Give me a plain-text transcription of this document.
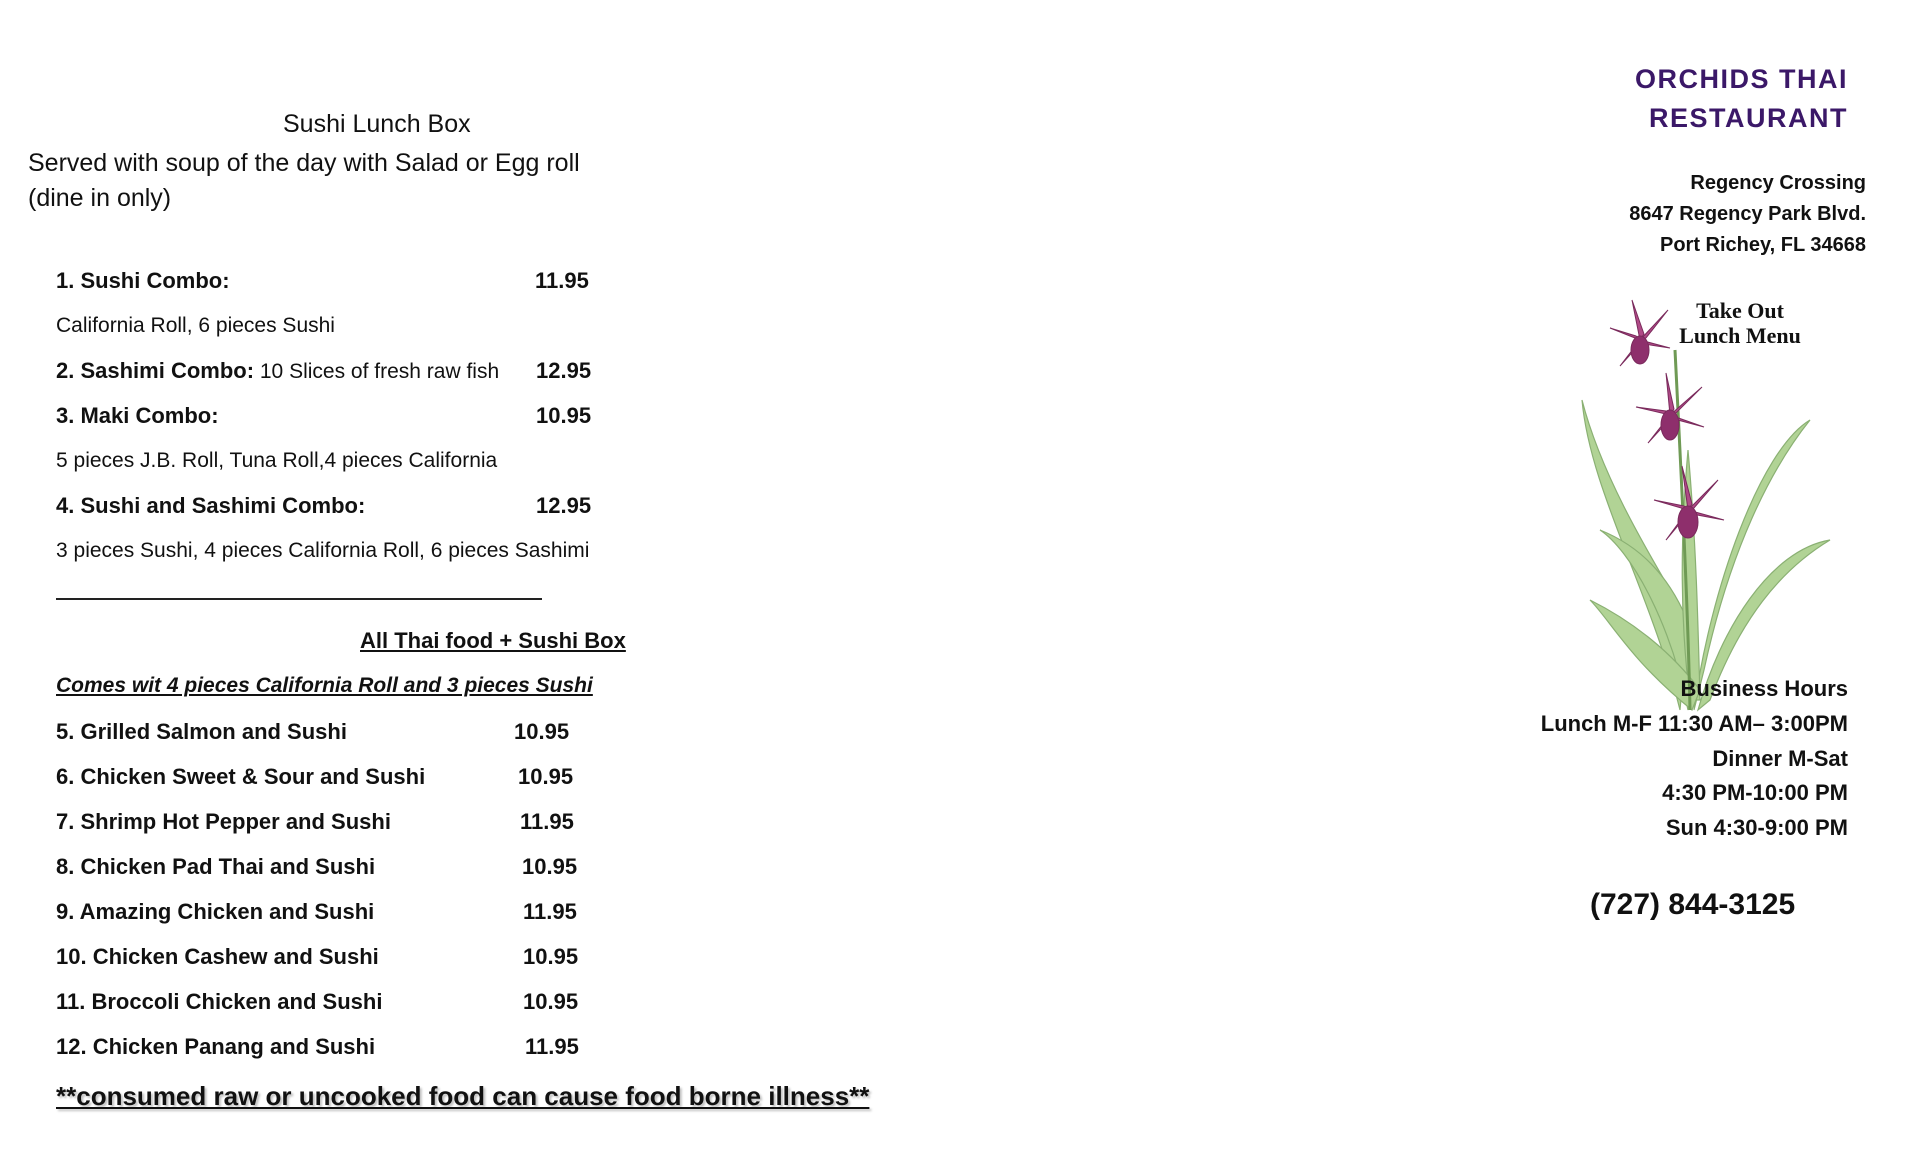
Sushi Lunch Box
Served with soup of the day with Salad or Egg roll
(dine in only)
1. Sushi Combo:	11.95
California Roll, 6 pieces Sushi
2. Sashimi Combo: 10 Slices of fresh raw fish 12.95
3. Maki Combo:	10.95
5 pieces J.B. Roll, Tuna Roll,4 pieces California
4. Sushi and Sashimi Combo:	12.95
3 pieces Sushi, 4 pieces California Roll, 6 pieces Sashimi
All Thai food + Sushi Box
Comes wit 4 pieces California Roll and 3 pieces Sushi
5. Grilled Salmon and Sushi	10.95
6. Chicken Sweet & Sour and Sushi	10.95
7. Shrimp Hot Pepper and Sushi	11.95
8. Chicken Pad Thai and Sushi	10.95
9. Amazing Chicken and Sushi	11.95
10. Chicken Cashew and Sushi	10.95
11. Broccoli Chicken and Sushi	10.95
12. Chicken Panang and Sushi	11.95
**consumed raw or uncooked food can cause food borne illness**
ORCHIDS THAI
RESTAURANT
Regency Crossing
8647 Regency Park Blvd.
Port Richey, FL 34668
Take Out
Lunch Menu
Business Hours
Lunch M-F 11:30 AM– 3:00PM
Dinner M-Sat
4:30 PM-10:00 PM
Sun 4:30-9:00 PM
(727) 844-3125
